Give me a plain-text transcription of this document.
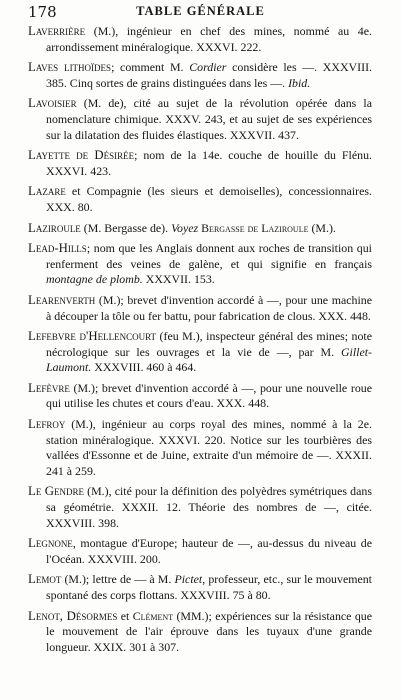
178	TABLE GÉNÉRALE

Laverrière (M.), ingénieur en chef des mines, nommé au 4e. arrondissement minéralogique. XXXVI. 222.

Laves lithoïdes; comment M. Cordier considère les —. XXXVIII. 385. Cinq sortes de grains distinguées dans les —. Ibid.

Lavoisier (M. de), cité au sujet de la révolution opérée dans la nomenclature chimique. XXXV. 243, et au sujet de ses expériences sur la dilatation des fluides élastiques. XXXVII. 437.

Layette de Désirée; nom de la 14e. couche de houille du Flénu. XXXVI. 423.

Lazare et Compagnie (les sieurs et demoiselles), concessionnaires. XXX. 80.

Laziroule (M. Bergasse de). Voyez Bergasse de Laziroule (M.).

Lead-Hills; nom que les Anglais donnent aux roches de transition qui renferment des veines de galène, et qui signifie en français montagne de plomb. XXXVII. 153.

Learenverth (M.); brevet d'invention accordé à —, pour une machine à découper la tôle ou fer battu, pour fabrication de clous. XXX. 448.

Lefebvre d'Hellencourt (feu M.), inspecteur général des mines; note nécrologique sur les ouvrages et la vie de —, par M. Gillet-Laumont. XXXVIII. 460 à 464.

Lefèvre (M.); brevet d'invention accordé à —, pour une nouvelle roue qui utilise les chutes et cours d'eau. XXX. 448.

Lefroy (M.), ingénieur au corps royal des mines, nommé à la 2e. station minéralogique. XXXVI. 220. Notice sur les tourbières des vallées d'Essonne et de Juine, extraite d'un mémoire de —. XXXII. 241 à 259.

Le Gendre (M.), cité pour la définition des polyèdres symétriques dans sa géométrie. XXXII. 12. Théorie des nombres de —, citée. XXXVIII. 398.

Legnone, montague d'Europe; hauteur de —, au-dessus du niveau de l'Océan. XXXVIII. 200.

Lemot (M.); lettre de — à M. Pictet, professeur, etc., sur le mouvement spontané des corps flottans. XXXVIII. 75 à 80.

Lenot, Désormes et Clément (MM.); expériences sur la résistance que le mouvement de l'air éprouve dans les tuyaux d'une grande longueur. XXIX. 301 à 307.
